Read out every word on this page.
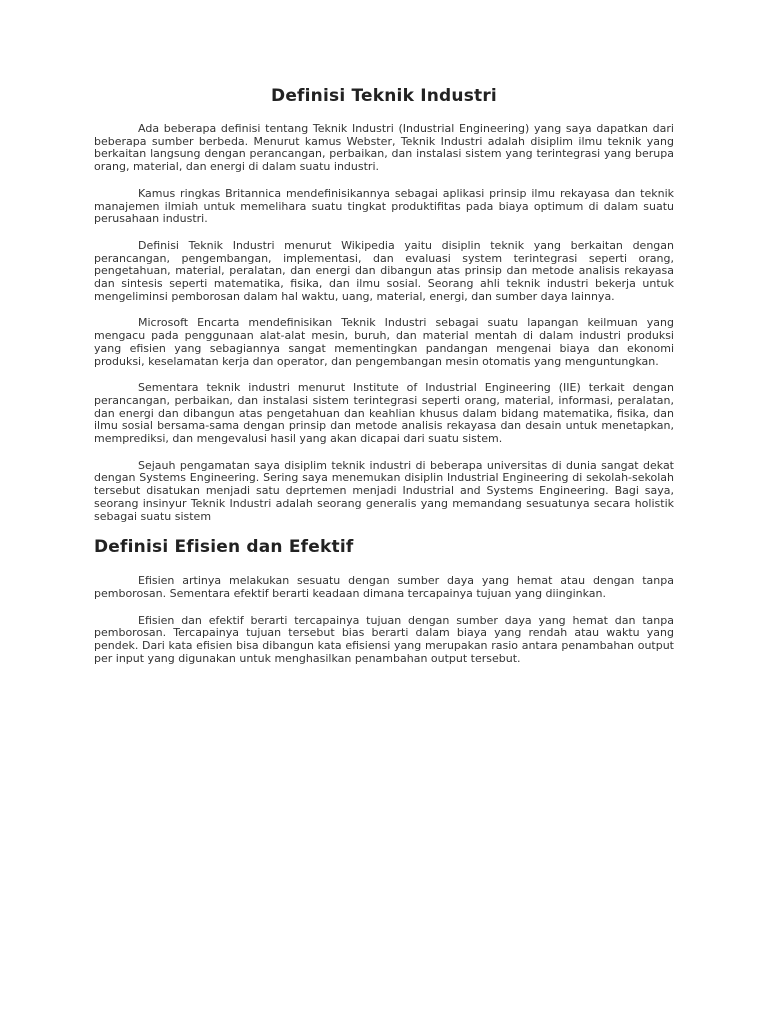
Definisi Teknik Industri

Ada beberapa definisi tentang Teknik Industri (Industrial Engineering) yang saya dapatkan dari beberapa sumber berbeda. Menurut kamus Webster, Teknik Industri adalah disiplim ilmu teknik yang berkaitan langsung dengan perancangan, perbaikan, dan instalasi sistem yang terintegrasi yang berupa orang, material, dan energi di dalam suatu industri.

Kamus ringkas Britannica mendefinisikannya sebagai aplikasi prinsip ilmu rekayasa dan teknik manajemen ilmiah untuk memelihara suatu tingkat produktifitas pada biaya optimum di dalam suatu perusahaan industri.

Definisi Teknik Industri menurut Wikipedia yaitu disiplin teknik yang berkaitan dengan perancangan, pengembangan, implementasi, dan evaluasi system terintegrasi seperti orang, pengetahuan, material, peralatan, dan energi dan dibangun atas prinsip dan metode analisis rekayasa dan sintesis seperti matematika, fisika, dan ilmu sosial. Seorang ahli teknik industri bekerja untuk mengeliminsi pemborosan dalam hal waktu, uang, material, energi, dan sumber daya lainnya.

Microsoft Encarta mendefinisikan Teknik Industri sebagai suatu lapangan keilmuan yang mengacu pada penggunaan alat-alat mesin, buruh, dan material mentah di dalam industri produksi yang efisien yang sebagiannya sangat mementingkan pandangan mengenai biaya dan ekonomi produksi, keselamatan kerja dan operator, dan pengembangan mesin otomatis yang menguntungkan.

Sementara teknik industri menurut Institute of Industrial Engineering (IIE) terkait dengan perancangan, perbaikan, dan instalasi sistem terintegrasi seperti orang, material, informasi, peralatan, dan energi dan dibangun atas pengetahuan dan keahlian khusus dalam bidang matematika, fisika, dan ilmu sosial bersama-sama dengan prinsip dan metode analisis rekayasa dan desain untuk menetapkan, memprediksi, dan mengevalusi hasil yang akan dicapai dari suatu sistem.

Sejauh pengamatan saya disiplim teknik industri di beberapa universitas di dunia sangat dekat dengan Systems Engineering. Sering saya menemukan disiplin Industrial Engineering di sekolah-sekolah tersebut disatukan menjadi satu deprtemen menjadi Industrial and Systems Engineering. Bagi saya, seorang insinyur Teknik Industri adalah seorang generalis yang memandang sesuatunya secara holistik sebagai suatu sistem

Definisi Efisien dan Efektif

Efisien artinya melakukan sesuatu dengan sumber daya yang hemat atau dengan tanpa pemborosan. Sementara efektif berarti keadaan dimana tercapainya tujuan yang diinginkan.

Efisien dan efektif berarti tercapainya tujuan dengan sumber daya yang hemat dan tanpa pemborosan. Tercapainya tujuan tersebut bias berarti dalam biaya yang rendah atau waktu yang pendek. Dari kata efisien bisa dibangun kata efisiensi yang merupakan rasio antara penambahan output per input yang digunakan untuk menghasilkan penambahan output tersebut.
